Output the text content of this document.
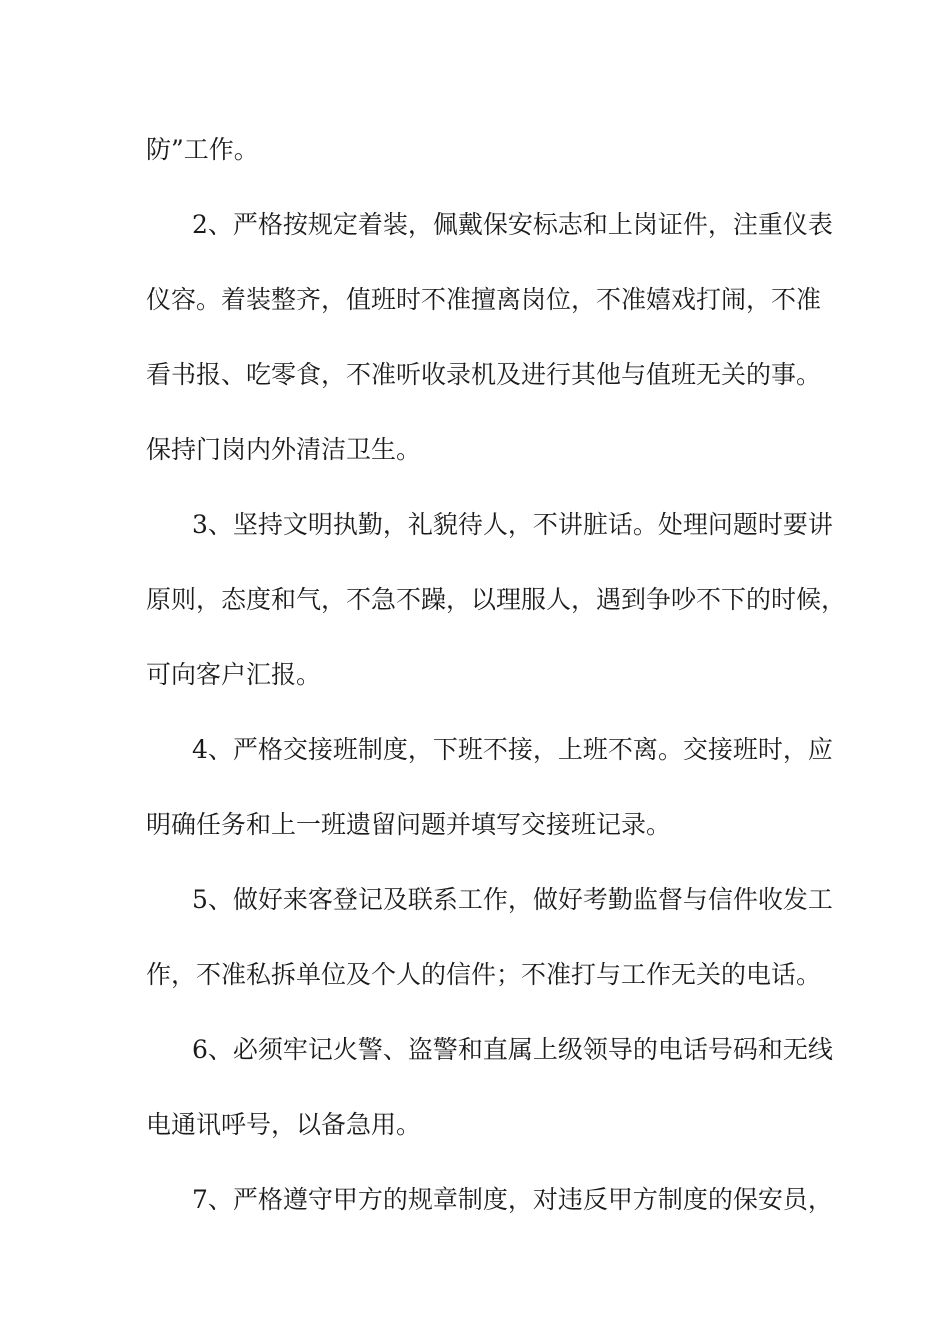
防”工作。
2、严格按规定着装，佩戴保安标志和上岗证件，注重仪表
仪容。着装整齐，值班时不准擅离岗位，不准嬉戏打闹，不准
看书报、吃零食，不准听收录机及进行其他与值班无关的事。
保持门岗内外清洁卫生。
3、坚持文明执勤，礼貌待人，不讲脏话。处理问题时要讲
原则，态度和气，不急不躁，以理服人，遇到争吵不下的时候，
可向客户汇报。
4、严格交接班制度，下班不接，上班不离。交接班时，应
明确任务和上一班遗留问题并填写交接班记录。
5、做好来客登记及联系工作，做好考勤监督与信件收发工
作，不准私拆单位及个人的信件；不准打与工作无关的电话。
6、必须牢记火警、盗警和直属上级领导的电话号码和无线
电通讯呼号，以备急用。
7、严格遵守甲方的规章制度，对违反甲方制度的保安员，
